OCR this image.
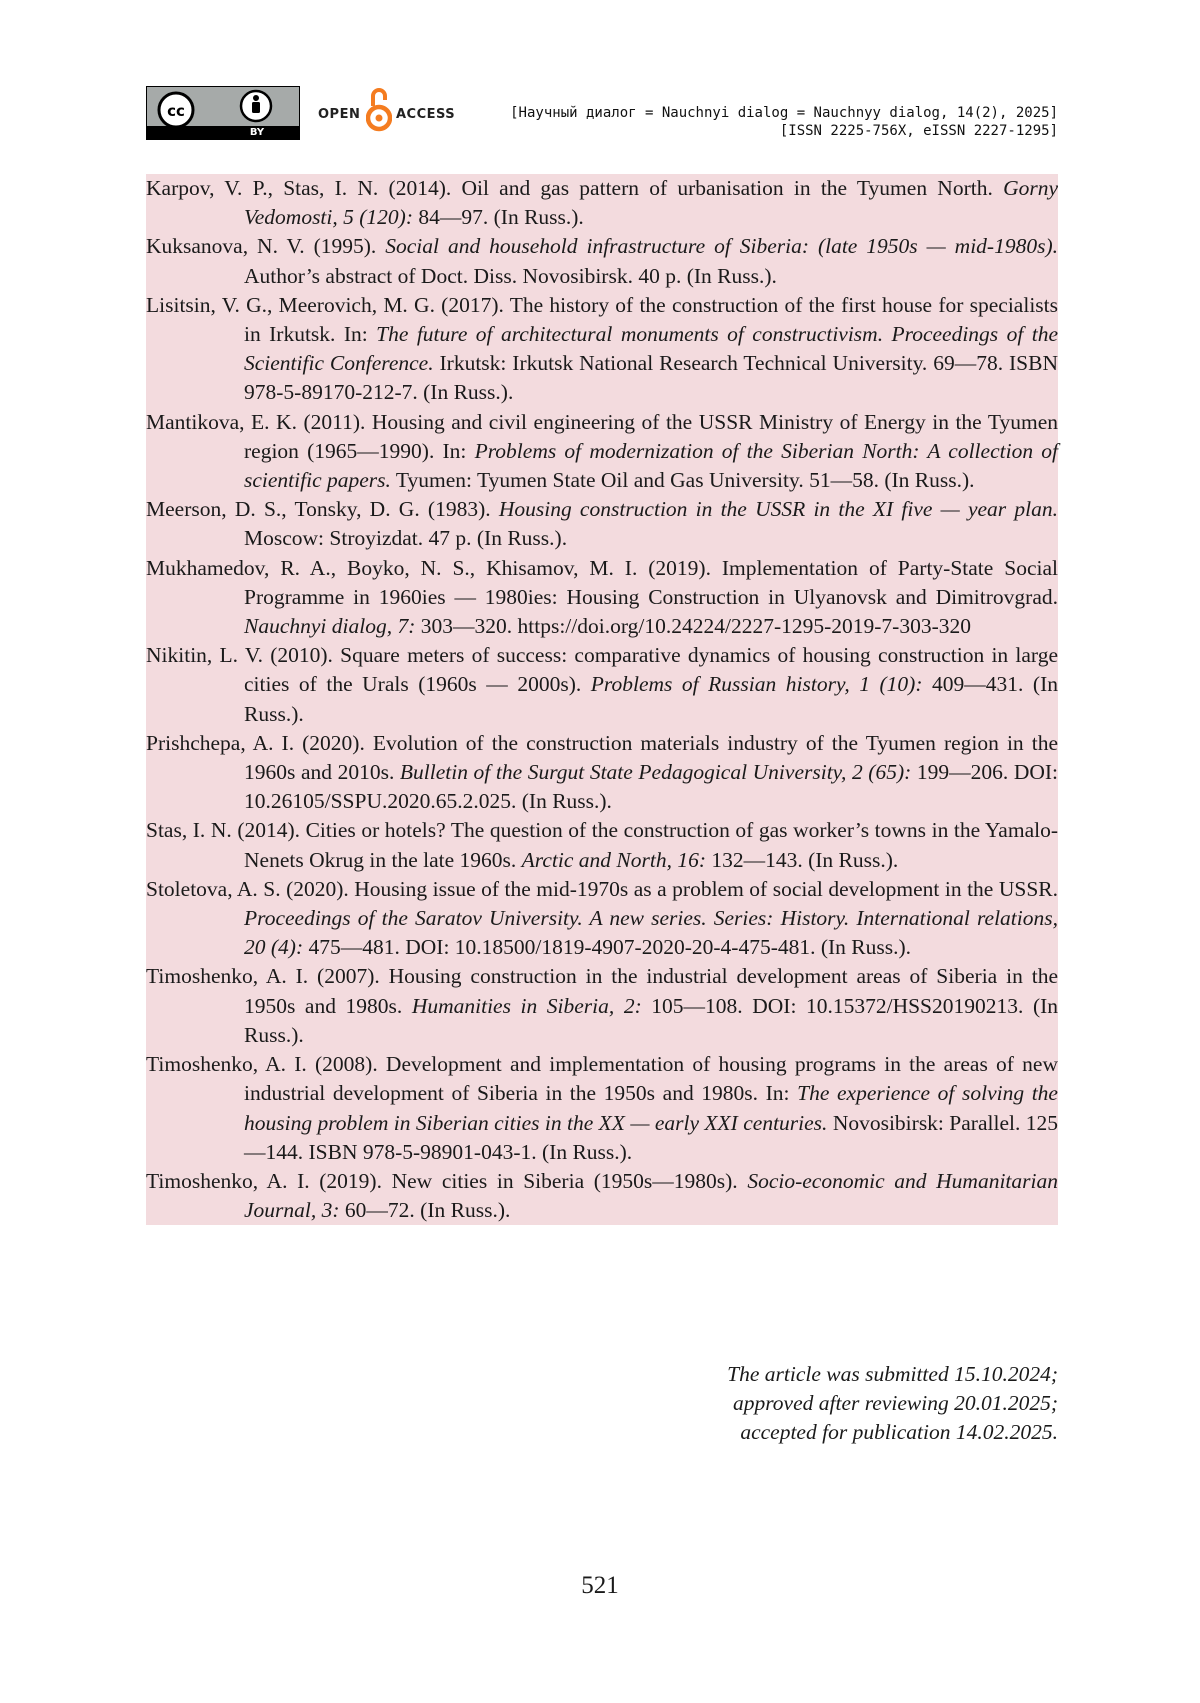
cc
BY
OPEN	ACCESS	[Научный диалог = Nauchnyi dialog = Nauchnyy dialog, 14(2), 2025]
[ISSN 2225-756X, eISSN 2227-1295]

Karpov, V. P., Stas, I. N. (2014). Oil and gas pattern of urbanisation in the Tyumen North. Gorny Vedomosti, 5 (120): 84—97. (In Russ.).

Kuksanova, N. V. (1995). Social and household infrastructure of Siberia: (late 1950s — mid-1980s). Author’s abstract of Doct. Diss. Novosibirsk. 40 p. (In Russ.).

Lisitsin, V. G., Meerovich, M. G. (2017). The history of the construction of the first house for specialists in Irkutsk. In: The future of architectural monuments of constructivism. Proceedings of the Scientific Conference. Irkutsk: Irkutsk National Research Technical University. 69—78. ISBN 978-5-89170-212-7. (In Russ.).

Mantikova, E. K. (2011). Housing and civil engineering of the USSR Ministry of Energy in the Tyumen region (1965—1990). In: Problems of modernization of the Siberian North: A collection of scientific papers. Tyumen: Tyumen State Oil and Gas University. 51—58. (In Russ.).

Meerson, D. S., Tonsky, D. G. (1983). Housing construction in the USSR in the XI five — year plan. Moscow: Stroyizdat. 47 p. (In Russ.).

Mukhamedov, R. A., Boyko, N. S., Khisamov, M. I. (2019). Implementation of Party-State Social Programme in 1960ies — 1980ies: Housing Construction in Ulyanovsk and Dimitrovgrad. Nauchnyi dialog, 7: 303—320. https://doi.org/10.24224/2227-1295-2019-7-303-320

Nikitin, L. V. (2010). Square meters of success: comparative dynamics of housing construction in large cities of the Urals (1960s — 2000s). Problems of Russian history, 1 (10): 409—431. (In Russ.).

Prishchepa, A. I. (2020). Evolution of the construction materials industry of the Tyumen region in the 1960s and 2010s. Bulletin of the Surgut State Pedagogical University, 2 (65): 199—206. DOI: 10.26105/SSPU.2020.65.2.025. (In Russ.).

Stas, I. N. (2014). Cities or hotels? The question of the construction of gas worker’s towns in the Yamalo-Nenets Okrug in the late 1960s. Arctic and North, 16: 132—143. (In Russ.).

Stoletova, A. S. (2020). Housing issue of the mid-1970s as a problem of social development in the USSR. Proceedings of the Saratov University. A new series. Series: History. International relations, 20 (4): 475—481. DOI: 10.18500/1819-4907-2020-20-4-475-481. (In Russ.).

Timoshenko, A. I. (2007). Housing construction in the industrial development areas of Siberia in the 1950s and 1980s. Humanities in Siberia, 2: 105—108. DOI: 10.15372/HSS20190213. (In Russ.).

Timoshenko, A. I. (2008). Development and implementation of housing programs in the areas of new industrial development of Siberia in the 1950s and 1980s. In: The experience of solving the housing problem in Siberian cities in the XX — early XXI centuries. Novosibirsk: Parallel. 125—144. ISBN 978-5-98901-043-1. (In Russ.).

Timoshenko, A. I. (2019). New cities in Siberia (1950s—1980s). Socio-economic and Humanitarian Journal, 3: 60—72. (In Russ.).

The article was submitted 15.10.2024;
approved after reviewing 20.01.2025;
accepted for publication 14.02.2025.
521
